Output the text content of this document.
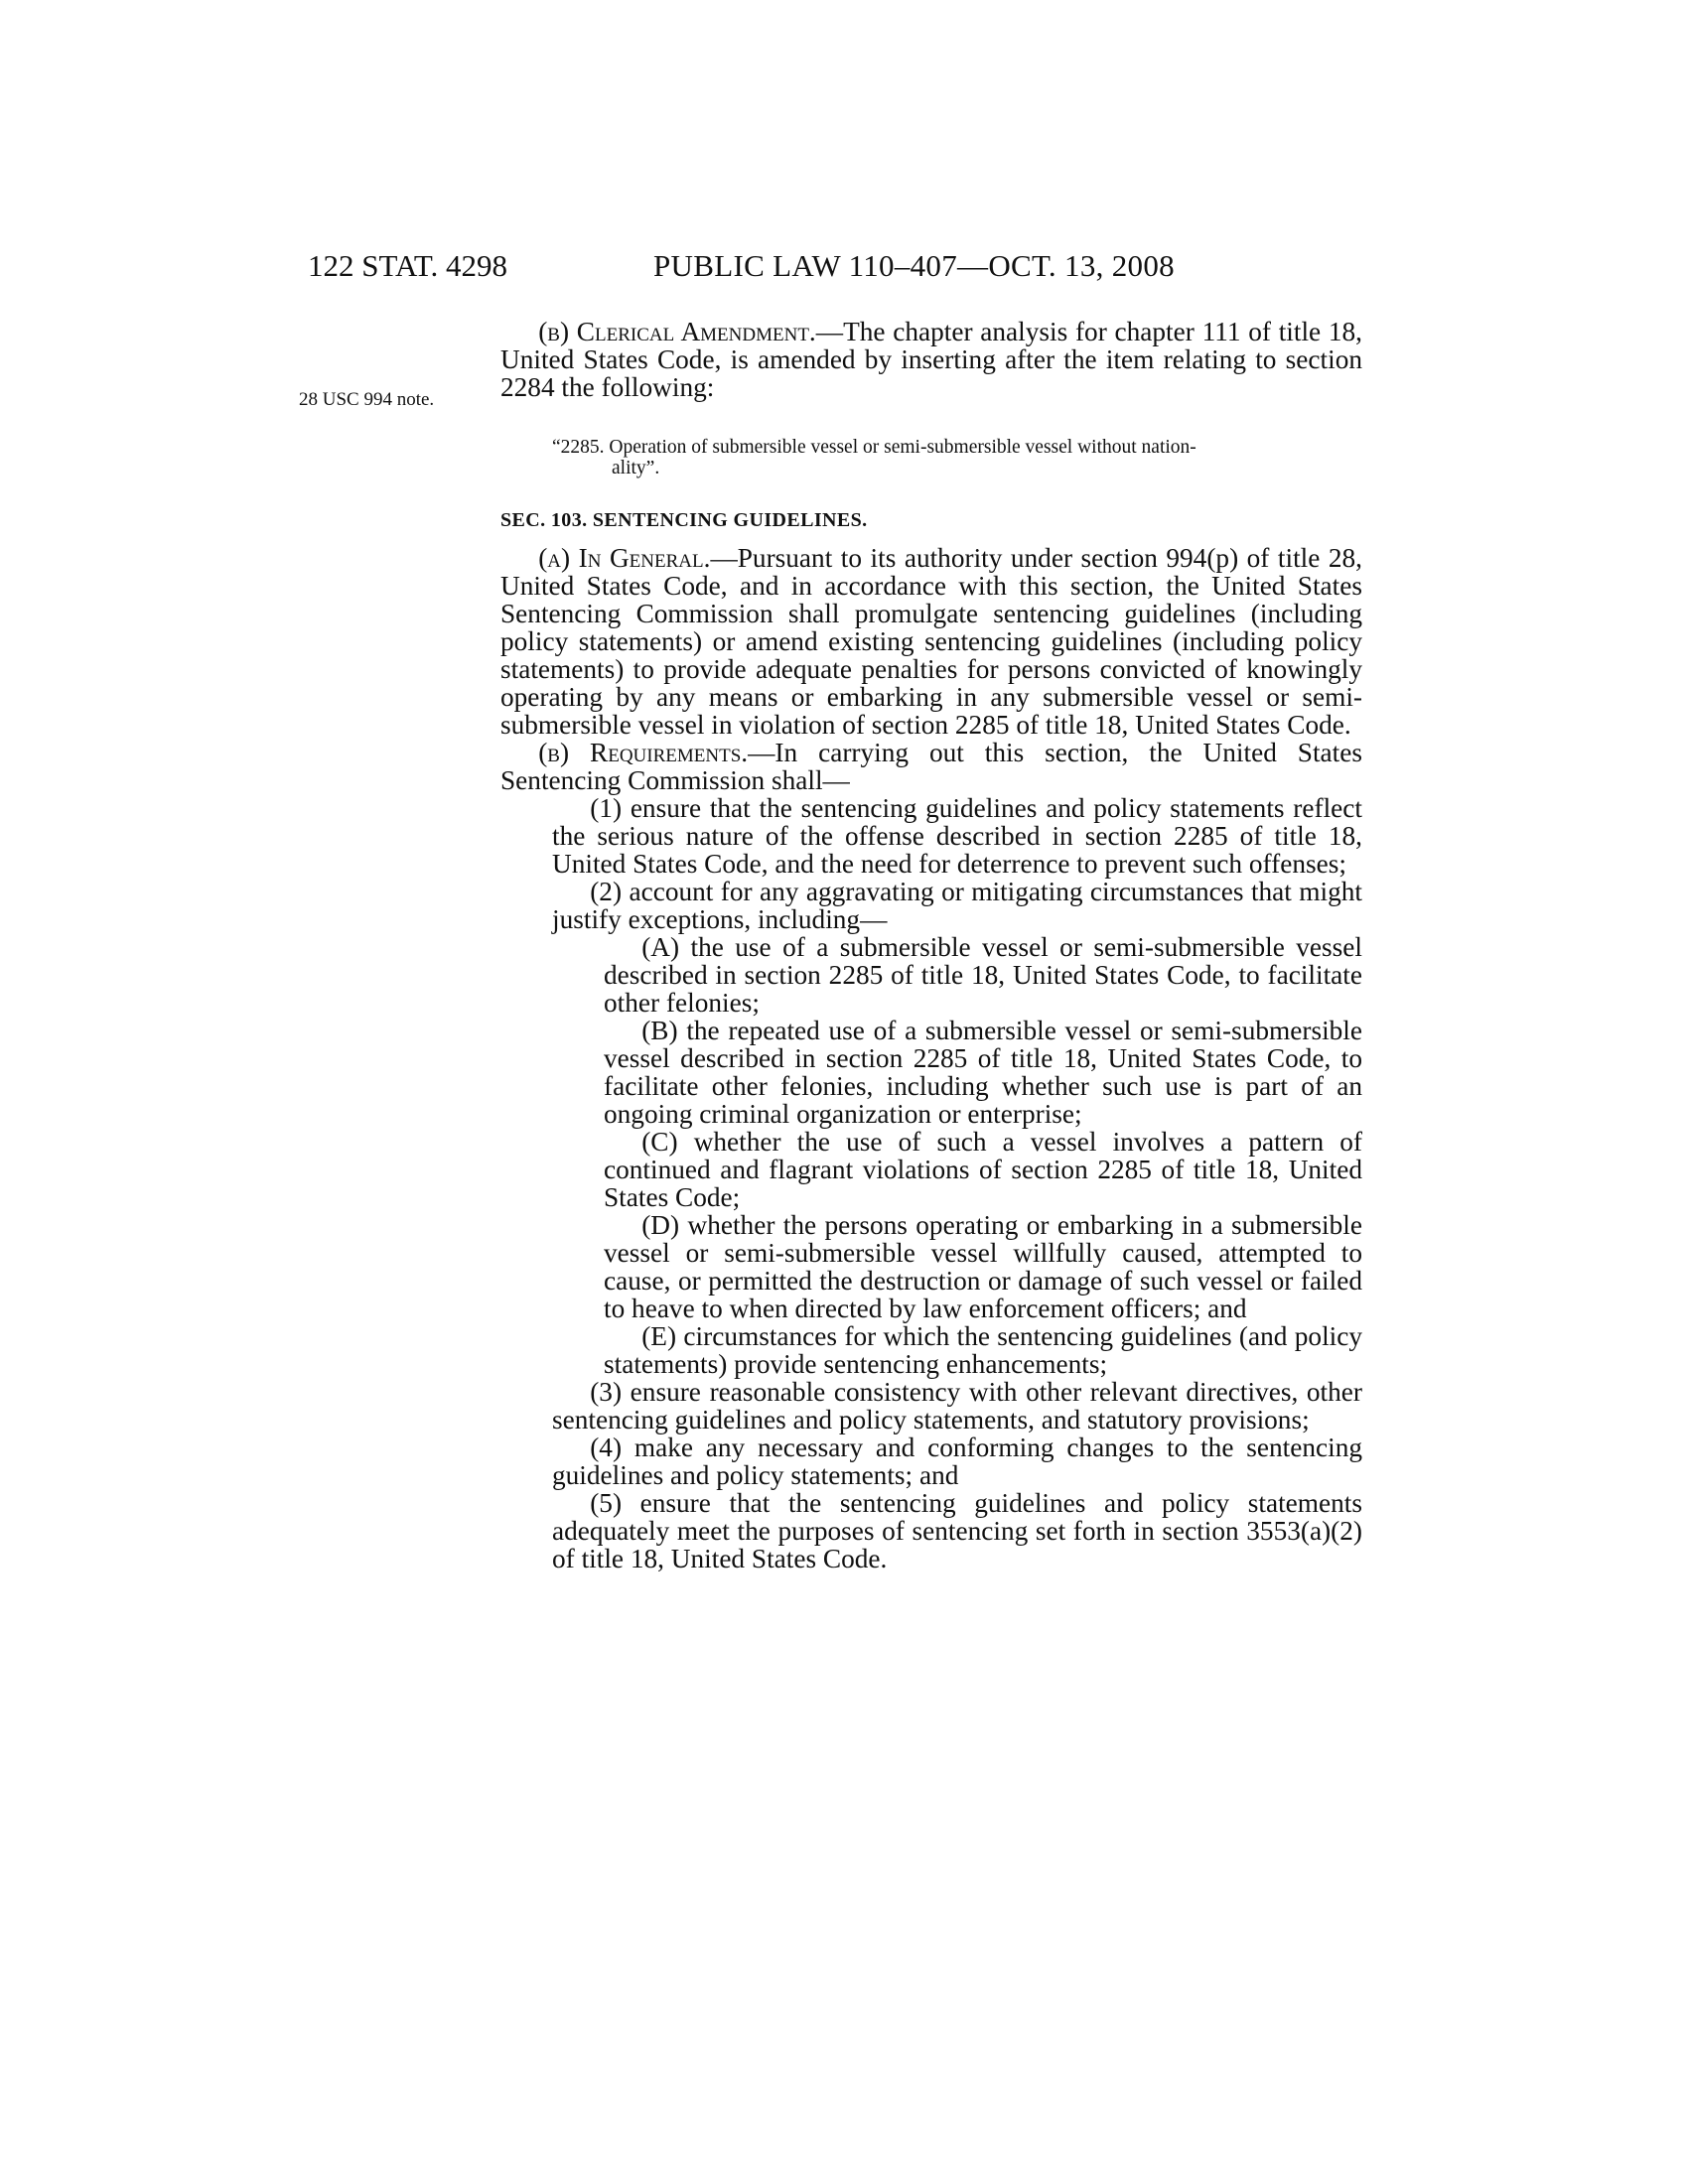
122 STAT. 4298	PUBLIC LAW 110–407—OCT. 13, 2008
28 USC 994 note.

(b) Clerical Amendment.—The chapter analysis for chapter 111 of title 18, United States Code, is amended by inserting after the item relating to section 2284 the following:

“2285. Operation of submersible vessel or semi-submersible vessel without nation-
ality”.
SEC. 103. SENTENCING GUIDELINES.

(a) In General.—Pursuant to its authority under section 994(p) of title 28, United States Code, and in accordance with this section, the United States Sentencing Commission shall promulgate sentencing guidelines (including policy statements) or amend existing sentencing guidelines (including policy statements) to provide adequate penalties for persons convicted of knowingly operating by any means or embarking in any submersible vessel or semi-submersible vessel in violation of section 2285 of title 18, United States Code.

(b) Requirements.—In carrying out this section, the United States Sentencing Commission shall—

(1) ensure that the sentencing guidelines and policy statements reflect the serious nature of the offense described in section 2285 of title 18, United States Code, and the need for deterrence to prevent such offenses;

(2) account for any aggravating or mitigating circumstances that might justify exceptions, including—

(A) the use of a submersible vessel or semi-submersible vessel described in section 2285 of title 18, United States Code, to facilitate other felonies;

(B) the repeated use of a submersible vessel or semi-submersible vessel described in section 2285 of title 18, United States Code, to facilitate other felonies, including whether such use is part of an ongoing criminal organization or enterprise;

(C) whether the use of such a vessel involves a pattern of continued and flagrant violations of section 2285 of title 18, United States Code;

(D) whether the persons operating or embarking in a submersible vessel or semi-submersible vessel willfully caused, attempted to cause, or permitted the destruction or damage of such vessel or failed to heave to when directed by law enforcement officers; and

(E) circumstances for which the sentencing guidelines (and policy statements) provide sentencing enhancements;

(3) ensure reasonable consistency with other relevant directives, other sentencing guidelines and policy statements, and statutory provisions;

(4) make any necessary and conforming changes to the sentencing guidelines and policy statements; and

(5) ensure that the sentencing guidelines and policy statements adequately meet the purposes of sentencing set forth in section 3553(a)(2) of title 18, United States Code.
